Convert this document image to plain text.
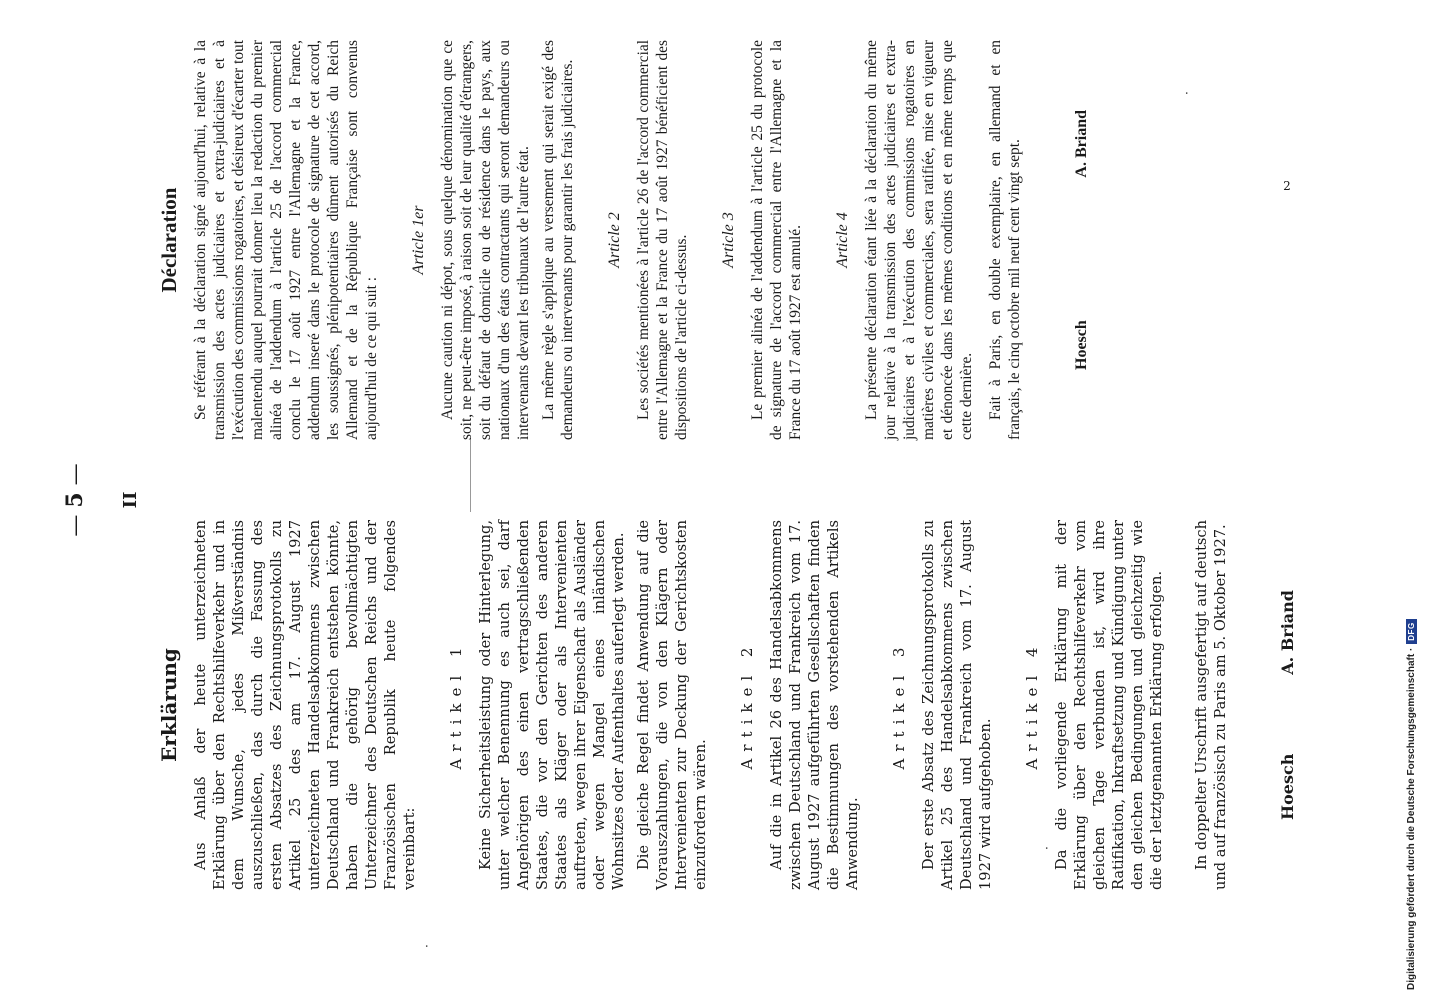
— 5 —
II
Erklärung Aus Anlaß der heute unterzeichneten Erklärung über den Rechtshilfeverkehr und in dem Wunsche, jedes Mißverständnis auszuschließen, das durch die Fassung des ersten Absatzes des Zeichnungsprotokolls zu Artikel 25 des am 17. August 1927 unterzeichneten Handelsabkommens zwischen Deutschland und Frankreich entstehen könnte, haben die gehörig bevollmächtigten Unterzeichner des Deutschen Reichs und der Französischen Republik heute folgendes vereinbart:

Artikel 1 Keine Sicherheitsleistung oder Hinterlegung, unter welcher Benennung es auch sei, darf Angehörigen des einen vertragschließenden Staates, die vor den Gerichten des anderen Staates als Kläger oder als Intervenienten auftreten, wegen ihrer Eigenschaft als Ausländer oder wegen Mangel eines inländischen Wohnsitzes oder Aufenthaltes auferlegt werden. Die gleiche Regel findet Anwendung auf die Vorauszahlungen, die von den Klägern oder Intervenienten zur Deckung der Gerichtskosten einzufordern wären.

Artikel 2 Auf die in Artikel 26 des Handelsabkommens zwischen Deutschland und Frankreich vom 17. August 1927 aufgeführten Gesellschaften finden die Bestimmungen des vorstehenden Artikels Anwendung.

Artikel 3 Der erste Absatz des Zeichnungsprotokolls zu Artikel 25 des Handelsabkommens zwischen Deutschland und Frankreich vom 17. August 1927 wird aufgehoben.

Artikel 4 Da die vorliegende Erklärung mit der Erklärung über den Rechtshilfeverkehr vom gleichen Tage verbunden ist, wird ihre Ratifikation, Inkraftsetzung und Kündigung unter den gleichen Bedingungen und gleichzeitig wie die der letztgenannten Erklärung erfolgen. In doppelter Urschrift ausgefertigt auf deutsch und auf französisch zu Paris am 5. Oktober 1927.	Hoesch
A. Briand
Déclaration Se référant à la déclaration signé aujourd'hui, relative à la transmission des actes judiciaires et extra-judiciaires et à l'exécution des commissions rogatoires, et désireux d'écarter tout malentendu auquel pourrait donner lieu la redaction du premier alinéa de l'addendum à l'article 25 de l'accord commercial conclu le 17 août 1927 entre l'Allemagne et la France, addendum inseré dans le protocole de signature de cet accord, les soussignés, plénipotentiaires dûment autorisés du Reich Allemand et de la République Française sont convenus aujourd'hui de ce qui suit :

Article 1er Aucune caution ni dépot, sous quelque dénomination que ce soit, ne peut-être imposé, à raison soit de leur qualité d'étrangers, soit du défaut de domicile ou de résidence dans le pays, aux nationaux d'un des états contractants qui seront demandeurs ou intervenants devant les tribunaux de l'autre état. La même règle s'applique au versement qui serait exigé des demandeurs ou intervenants pour garantir les frais judiciaires. Article 2 Les sociétés mentionées à l'article 26 de l'accord commercial entre l'Allemagne et la France du 17 août 1927 bénéficient des dispositions de l'article ci-dessus. Article 3 Le premier alinéa de l'addendum à l'article 25 du protocole de signature de l'accord commercial entre l'Allemagne et la France du 17 août 1927 est annulé. Article 4 La présente déclaration étant liée à la déclaration du même jour relative à la transmission des actes judiciaires et extra-judiciaires et à l'exécution des commissions rogatoires en matières civiles et commerciales, sera ratifiée, mise en vigueur et dénoncée dans les mêmes conditions et en même temps que cette dernière. Fait à Paris, en double exemplaire, en allemand et en français, le cinq octobre mil neuf cent vingt sept.	Hoesch
A. Briand
2
·
·
·	Digitalisierung gefördert durch die Deutsche Forschungsgemeinschaft ·
DFG
